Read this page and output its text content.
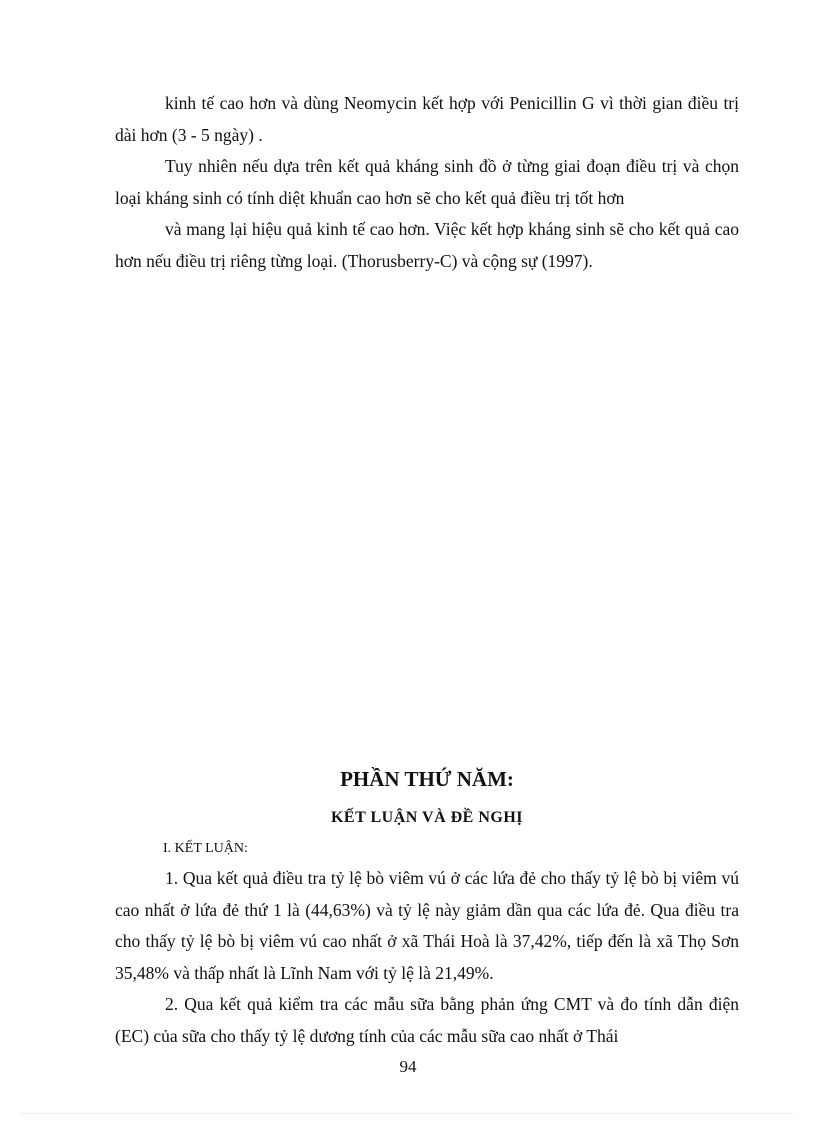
kinh tế cao hơn và dùng Neomycin kết hợp với Penicillin G vì thời gian điều trị dài hơn (3 - 5 ngày) .

Tuy nhiên nếu dựa trên kết quả kháng sinh đồ ở từng giai đoạn điều trị và chọn loại kháng sinh có tính diệt khuẩn cao hơn sẽ cho kết quả điều trị tốt hơn

và mang lại hiệu quả kinh tế cao hơn. Việc kết hợp kháng sinh sẽ cho kết quả cao hơn nếu điều trị riêng từng loại. (Thorusberry-C) và cộng sự (1997).

PHẦN THỨ NĂM:
KẾT LUẬN VÀ ĐỀ NGHỊ
I. KẾT LUẬN:

1. Qua kết quả điều tra tỷ lệ bò viêm vú ở các lứa đẻ cho thấy tỷ lệ bò bị viêm vú cao nhất ở lứa đẻ thứ 1 là (44,63%) và tỷ lệ này giảm dần qua các lứa đẻ. Qua điều tra cho thấy tỷ lệ bò bị viêm vú cao nhất ở xã Thái Hoà là 37,42%, tiếp đến là xã Thọ Sơn 35,48% và thấp nhất là Lĩnh Nam với tỷ lệ là 21,49%.

2. Qua kết quả kiểm tra các mẫu sữa bằng phản ứng CMT và đo tính dẫn điện (EC) của sữa cho thấy tỷ lệ dương tính của các mẫu sữa cao nhất ở Thái

94
